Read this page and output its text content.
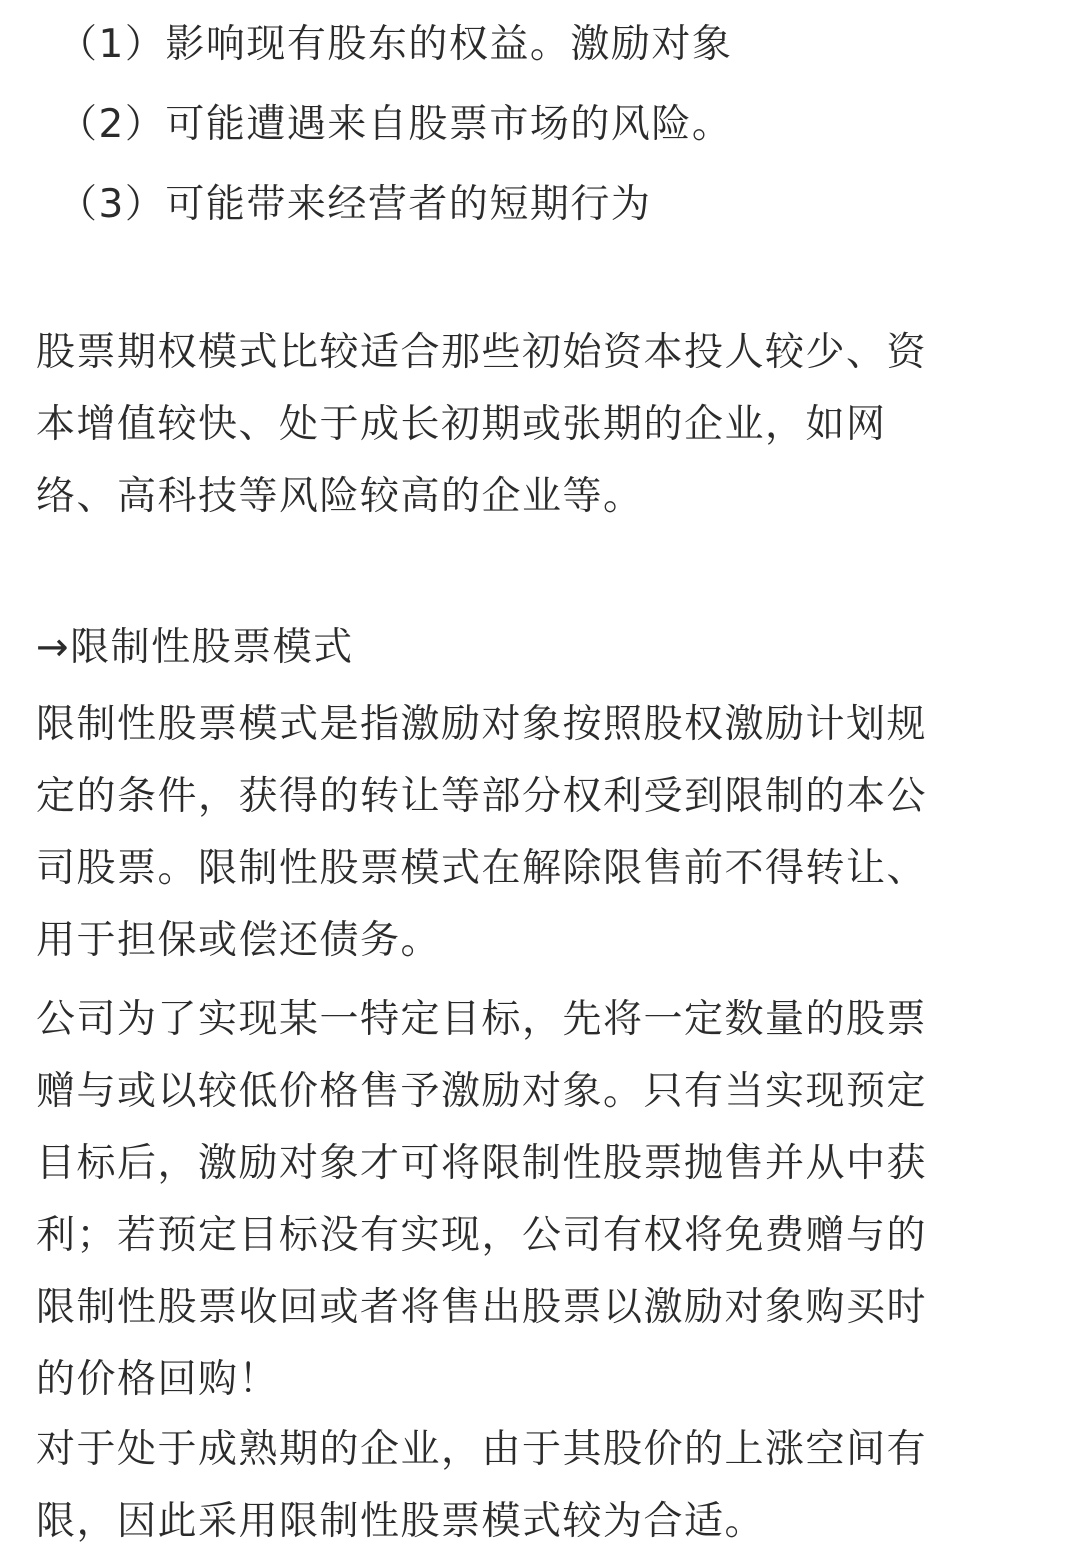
（1）影响现有股东的权益。激励对象
（2）可能遭遇来自股票市场的风险。
（3）可能带来经营者的短期行为
股票期权模式比较适合那些初始资本投人较少、资
本增值较快、处于成长初期或张期的企业，如网
络、高科技等风险较高的企业等。
→限制性股票模式
限制性股票模式是指激励对象按照股权激励计划规
定的条件，获得的转让等部分权利受到限制的本公
司股票。限制性股票模式在解除限售前不得转让、
用于担保或偿还债务。
公司为了实现某一特定目标，先将一定数量的股票
赠与或以较低价格售予激励对象。只有当实现预定
目标后，激励对象才可将限制性股票抛售并从中获
利；若预定目标没有实现，公司有权将免费赠与的
限制性股票收回或者将售出股票以激励对象购买时
的价格回购！
对于处于成熟期的企业，由于其股价的上涨空间有
限，因此采用限制性股票模式较为合适。
